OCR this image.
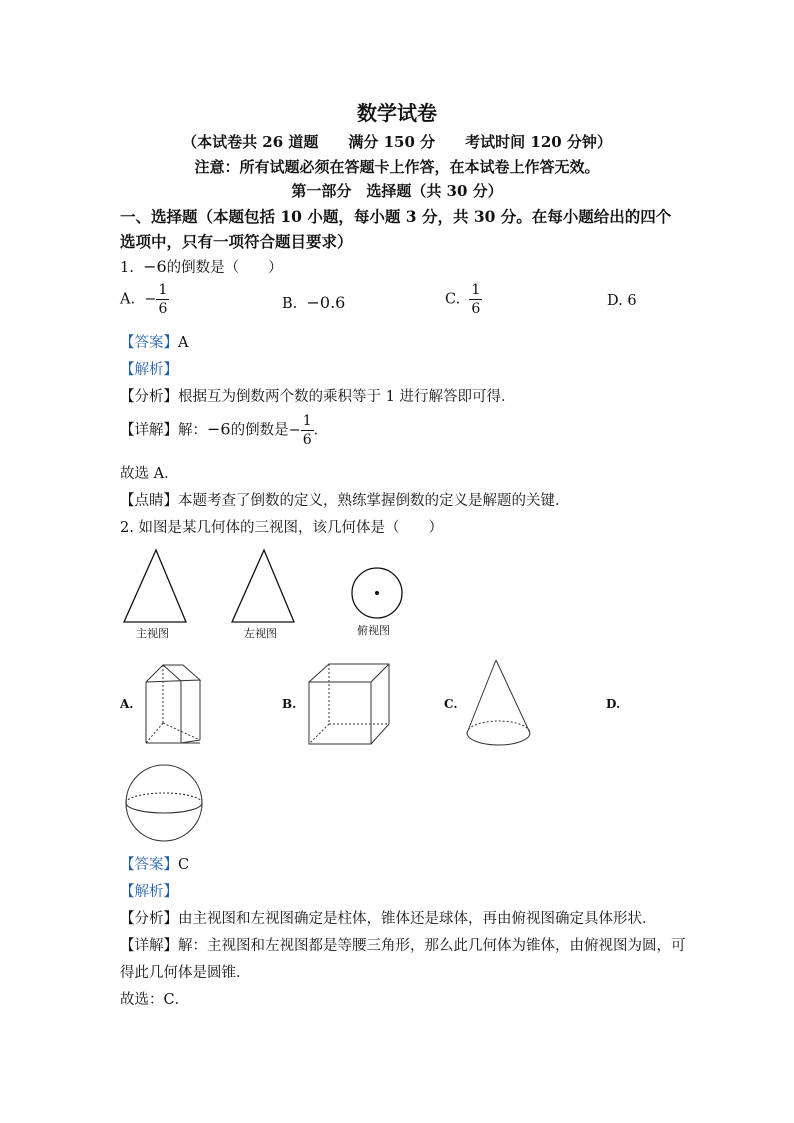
数学试卷
（本试卷共 26 道题　　满分 150 分　　考试时间 120 分钟）
注意：所有试题必须在答题卡上作答，在本试卷上作答无效。
第一部分　选择题（共 30 分）
一、选择题（本题包括 10 小题，每小题 3 分，共 30 分。在每小题给出的四个
选项中，只有一项符合题目要求）
1. −6的倒数是（　　）
A. − $\frac{1}{6}$	B. −0.6	C. $\frac{1}{6}$	D. 6
【答案】A
【解析】
【分析】根据互为倒数两个数的乘积等于 1 进行解答即可得．
【详解】解：−6的倒数是− $\frac{1}{6}$ ．
故选 A．
【点睛】本题考查了倒数的定义，熟练掌握倒数的定义是解题的关键．
2. 如图是某几何体的三视图，该几何体是（　　）
主视图	左视图	俯视图
A.	B.	C.	D.
【答案】C
【解析】
【分析】由主视图和左视图确定是柱体，锥体还是球体，再由俯视图确定具体形状．
【详解】解：主视图和左视图都是等腰三角形，那么此几何体为锥体，由俯视图为圆，可
得此几何体是圆锥．
故选：C．
